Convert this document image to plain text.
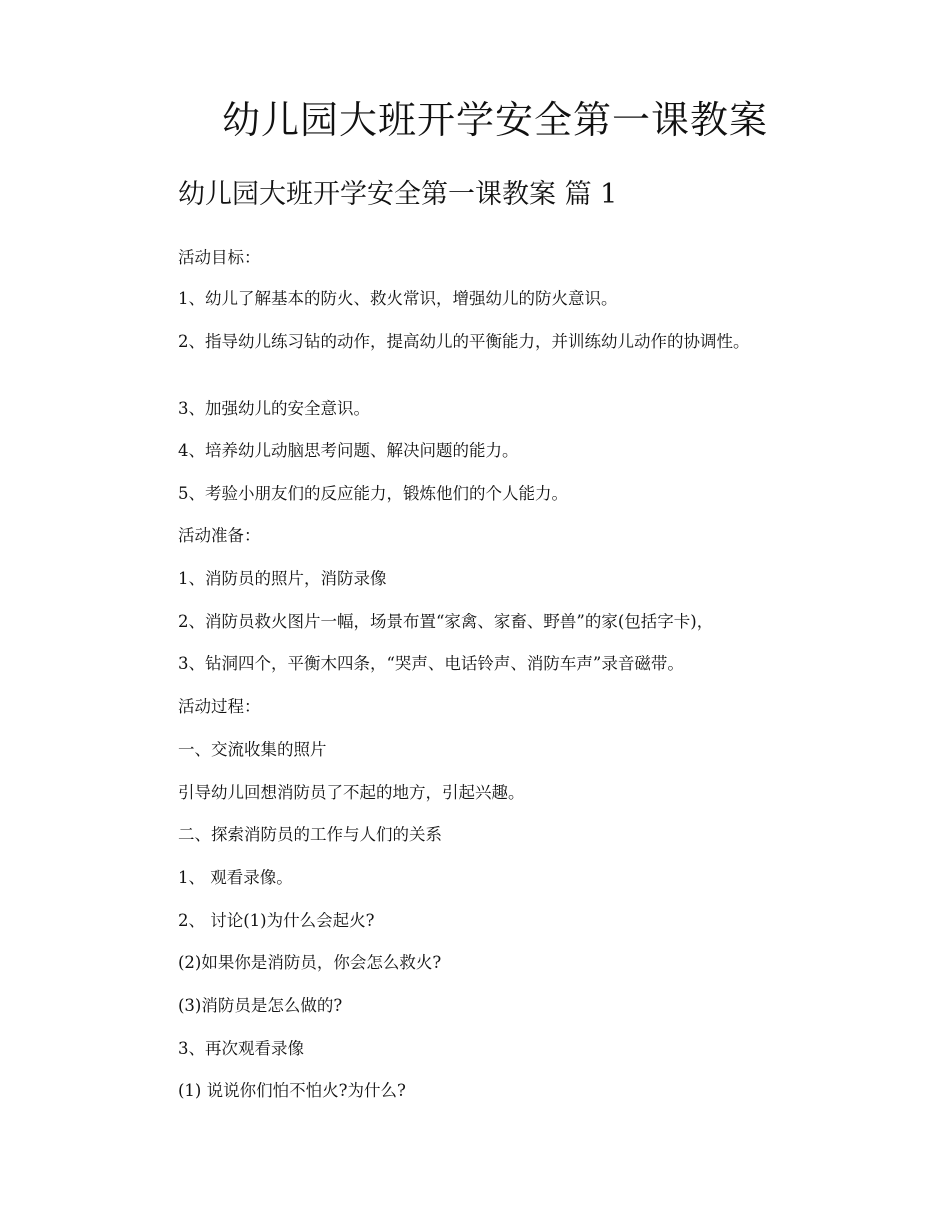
幼儿园大班开学安全第一课教案
幼儿园大班开学安全第一课教案 篇 1

活动目标：

1、幼儿了解基本的防火、救火常识，增强幼儿的防火意识。

2、指导幼儿练习钻的动作，提高幼儿的平衡能力，并训练幼儿动作的协调性。

3、加强幼儿的安全意识。

4、培养幼儿动脑思考问题、解决问题的能力。

5、考验小朋友们的反应能力，锻炼他们的个人能力。

活动准备：

1、消防员的照片，消防录像

2、消防员救火图片一幅，场景布置“家禽、家畜、野兽”的家(包括字卡)，

3、钻洞四个，平衡木四条，“哭声、电话铃声、消防车声”录音磁带。

活动过程：

一、交流收集的照片

引导幼儿回想消防员了不起的地方，引起兴趣。

二、探索消防员的工作与人们的关系

1、 观看录像。

2、 讨论(1)为什么会起火?

(2)如果你是消防员，你会怎么救火?

(3)消防员是怎么做的?

3、再次观看录像

(1) 说说你们怕不怕火?为什么?
